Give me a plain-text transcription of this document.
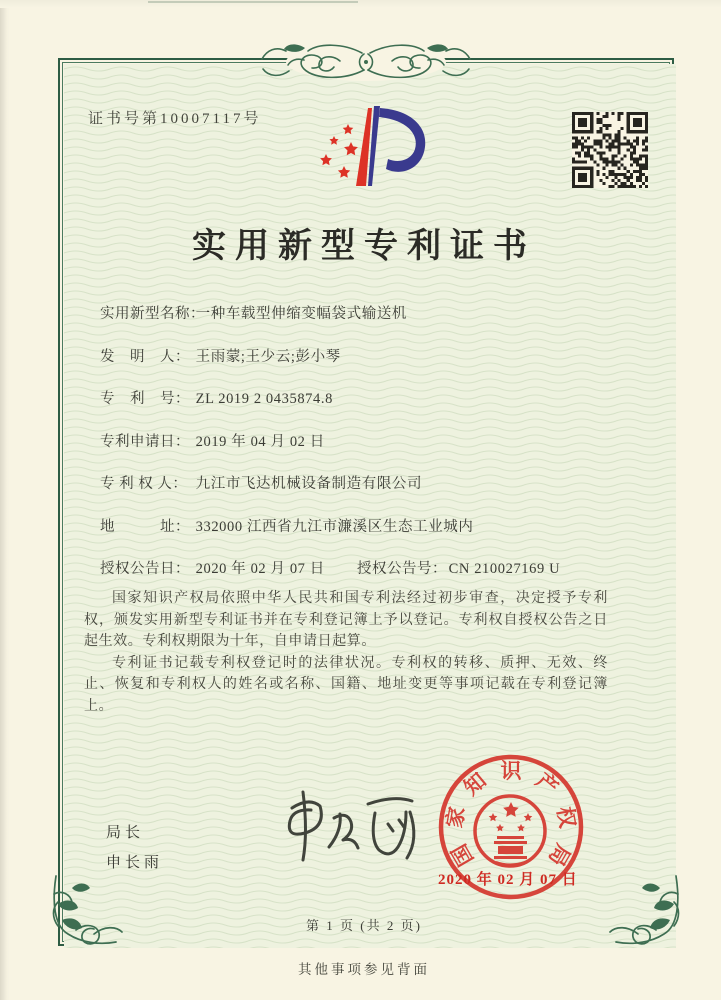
证书号第10007117号
实用新型专利证书
实用新型名称： 一种车载型伸缩变幅袋式输送机
发　明　人： 王雨蒙;王少云;彭小琴
专　利　号： ZL 2019 2 0435874.8
专利申请日： 2019 年 04 月 02 日
专 利 权 人： 九江市飞达机械设备制造有限公司
地　　　址： 332000 江西省九江市濂溪区生态工业城内
授权公告日： 2020 年 02 月 07 日 授权公告号： CN 210027169 U

国家知识产权局依照中华人民共和国专利法经过初步审查，决定授予专利权，颁发实用新型专利证书并在专利登记簿上予以登记。专利权自授权公告之日起生效。专利权期限为十年，自申请日起算。

专利证书记载专利权登记时的法律状况。专利权的转移、质押、无效、终止、恢复和专利权人的姓名或名称、国籍、地址变更等事项记载在专利登记簿上。

局长
申长雨	国
家
知 识 产
权
局
2020 年 02 月 07 日
第 1 页 (共 2 页)
其他事项参见背面
